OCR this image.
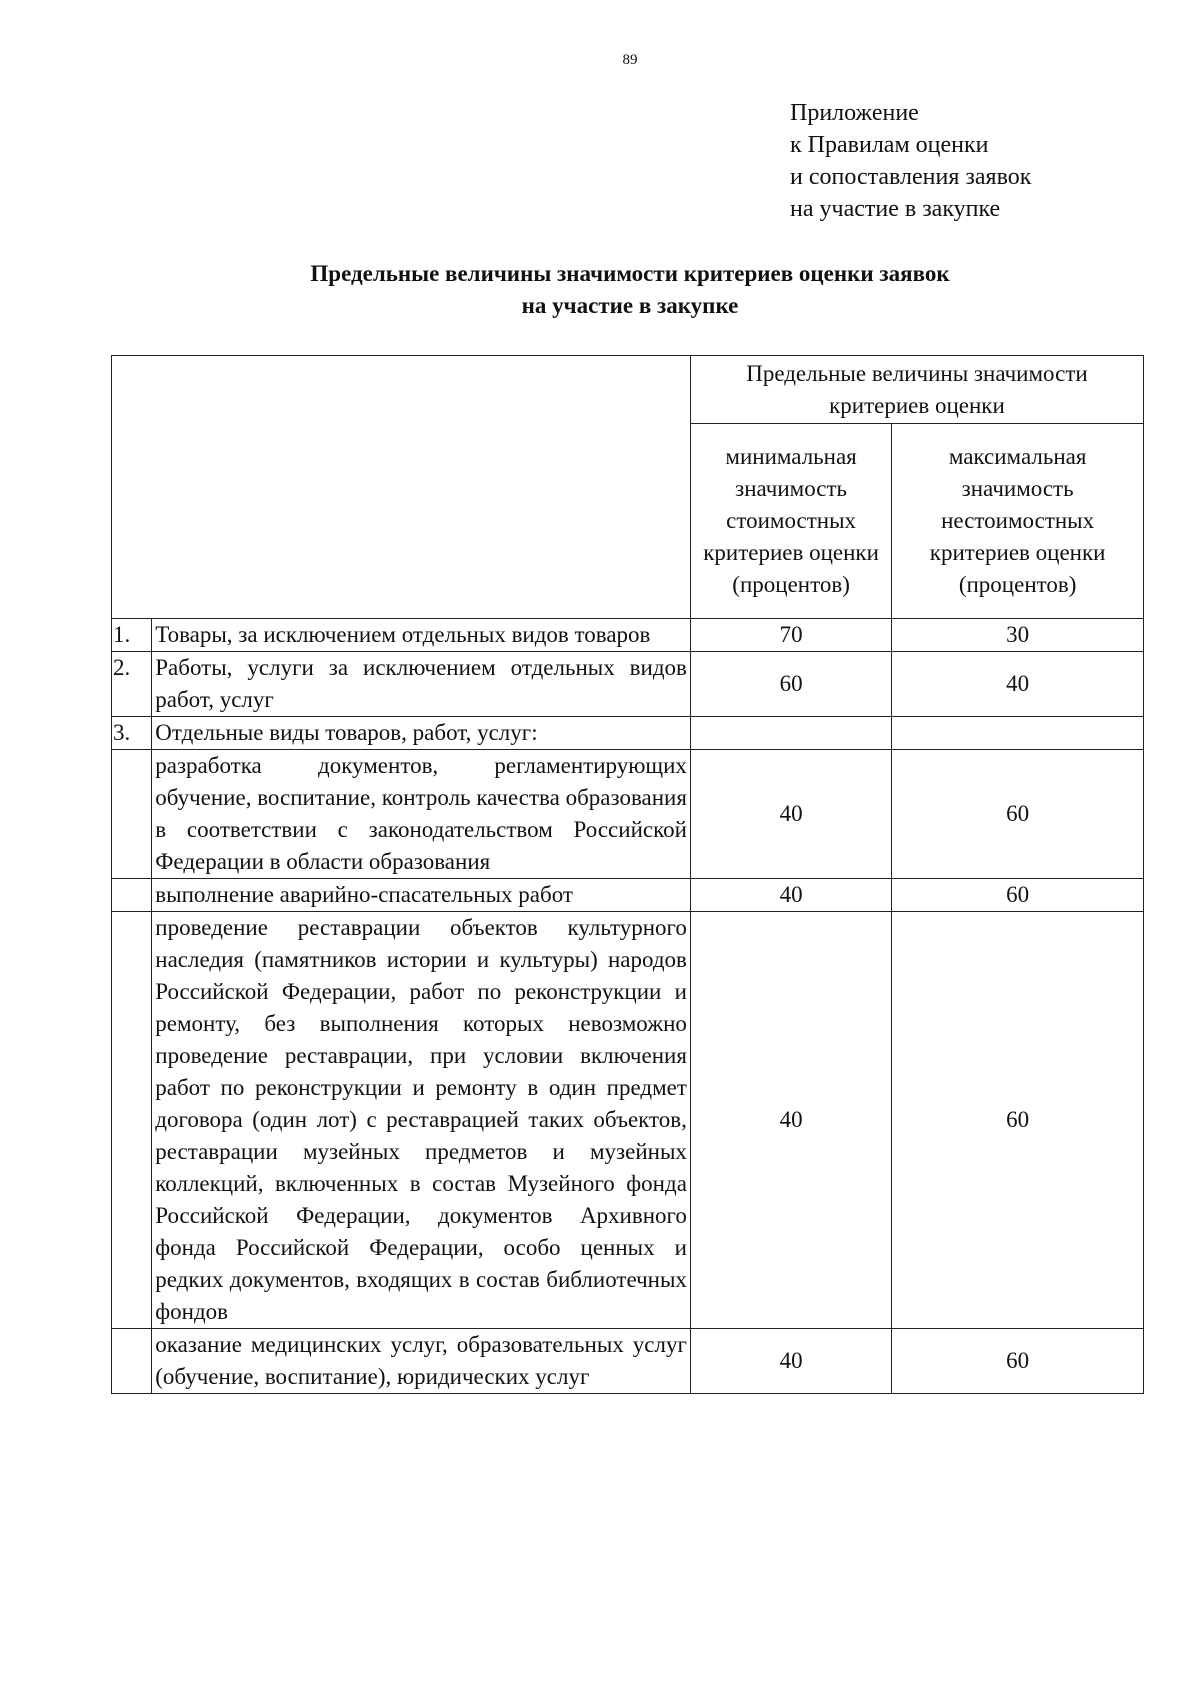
89
Приложение
к Правилам оценки
и сопоставления заявок
на участие в закупке
Предельные величины значимости критериев оценки заявок
на участие в закупке
		Предельные величины значимости критериев оценки	
		минимальная значимость стоимостных критериев оценки (процентов)	максимальная значимость нестоимостных критериев оценки (процентов)
1.	Товары, за исключением отдельных видов товаров	70	30
2.	Работы, услуги за исключением отдельных видов работ, услуг	60	40
3.	Отдельные виды товаров, работ, услуг:		
	разработка документов, регламентирующих обучение, воспитание, контроль качества образования в соответствии с законодательством Российской Федерации в области образования	40	60
	выполнение аварийно-спасательных работ	40	60
	проведение реставрации объектов культурного наследия (памятников истории и культуры) народов Российской Федерации, работ по реконструкции и ремонту, без выполнения которых невозможно проведение реставрации, при условии включения работ по реконструкции и ремонту в один предмет договора (один лот) с реставрацией таких объектов, реставрации музейных предметов и музейных коллекций, включенных в состав Музейного фонда Российской Федерации, документов Архивного фонда Российской Федерации, особо ценных и редких документов, входящих в состав библиотечных фондов	40	60
	оказание медицинских услуг, образовательных услуг (обучение, воспитание), юридических услуг	40	60
